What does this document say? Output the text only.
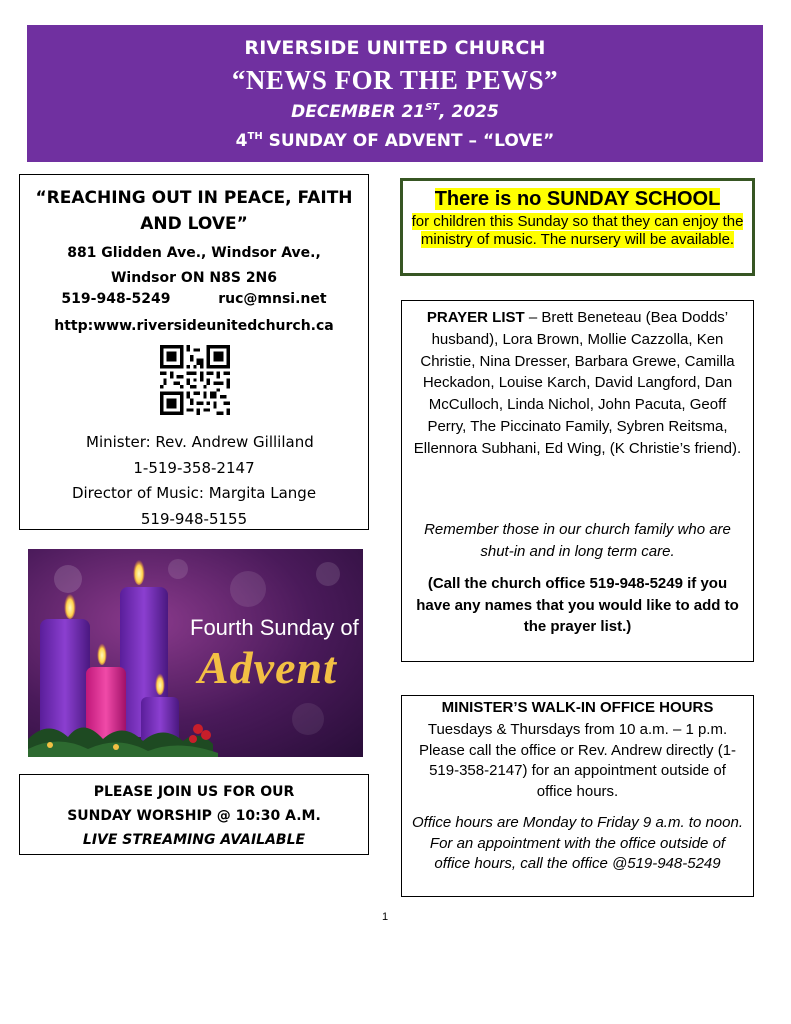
RIVERSIDE UNITED CHURCH
“NEWS FOR THE PEWS”
DECEMBER 21ST, 2025
4TH SUNDAY OF ADVENT – “LOVE”
“REACHING OUT IN PEACE, FAITH AND LOVE”
881 Glidden Ave., Windsor Ave.,
Windsor ON N8S 2N6
519-948-5249	ruc@mnsi.net
http:www.riversideunitedchurch.ca
Minister: Rev. Andrew Gilliland
1-519-358-2147
Director of Music: Margita Lange
519-948-5155
Fourth Sunday of
Advent
PLEASE JOIN US FOR OUR
SUNDAY WORSHIP @ 10:30 A.M.
LIVE STREAMING AVAILABLE
There is no SUNDAY SCHOOL
for children this Sunday so that they can enjoy the ministry of music. The nursery will be available.
PRAYER LIST – Brett Beneteau (Bea Dodds’ husband), Lora Brown, Mollie Cazzolla, Ken Christie, Nina Dresser, Barbara Grewe, Camilla Heckadon, Louise Karch, David Langford, Dan McCulloch, Linda Nichol, John Pacuta, Geoff Perry, The Piccinato Family, Sybren Reitsma, Ellennora Subhani, Ed Wing, (K Christie’s friend).
Remember those in our church family who are shut-in and in long term care.
(Call the church office 519-948-5249 if you have any names that you would like to add to the prayer list.)
MINISTER’S WALK-IN OFFICE HOURS
Tuesdays & Thursdays from 10 a.m. – 1 p.m. Please call the office or Rev. Andrew directly (1-519-358-2147) for an appointment outside of office hours.
Office hours are Monday to Friday 9 a.m. to noon. For an appointment with the office outside of office hours, call the office @519-948-5249
1
